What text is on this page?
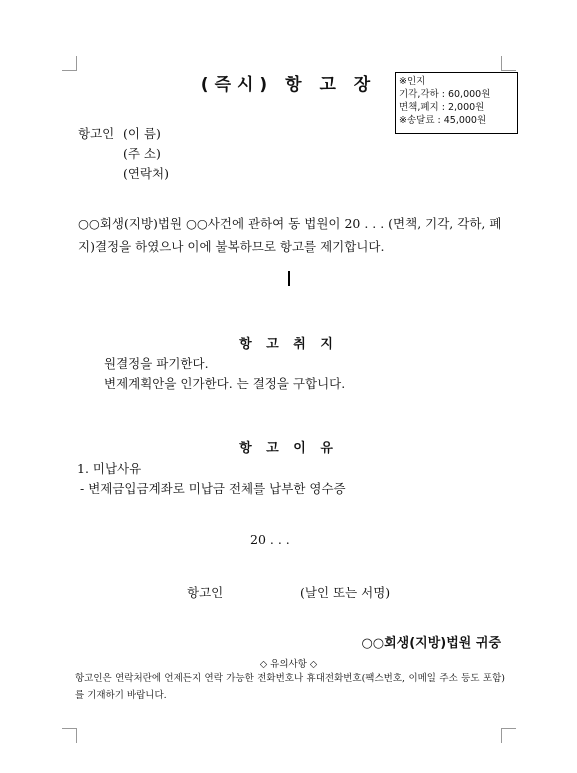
(즉시) 항 고 장	※인지
기각,각하 : 60,000원
면책,폐지 : 2,000원
※송달료 : 45,000원
항고인 (이 름)
(주 소)
(연락처)
○○회생(지방)법원 ○○사건에 관하여 동 법원이 20 . . . (면책, 기각, 각하, 폐지)결정을 하였으나 이에 불복하므로 항고를 제기합니다.
항 고 취 지
원결정을 파기한다.
변제계획안을 인가한다. 는 결정을 구합니다.
항 고 이 유
1. 미납사유
- 변제금입금계좌로 미납금 전체를 납부한 영수증
20 . . .
항고인	(날인 또는 서명)
○○회생(지방)법원 귀중
◇ 유의사항 ◇
항고인은 연락처란에 언제든지 연락 가능한 전화번호나 휴대전화번호(팩스번호, 이메일 주소 등도 포함)를 기재하기 바랍니다.
